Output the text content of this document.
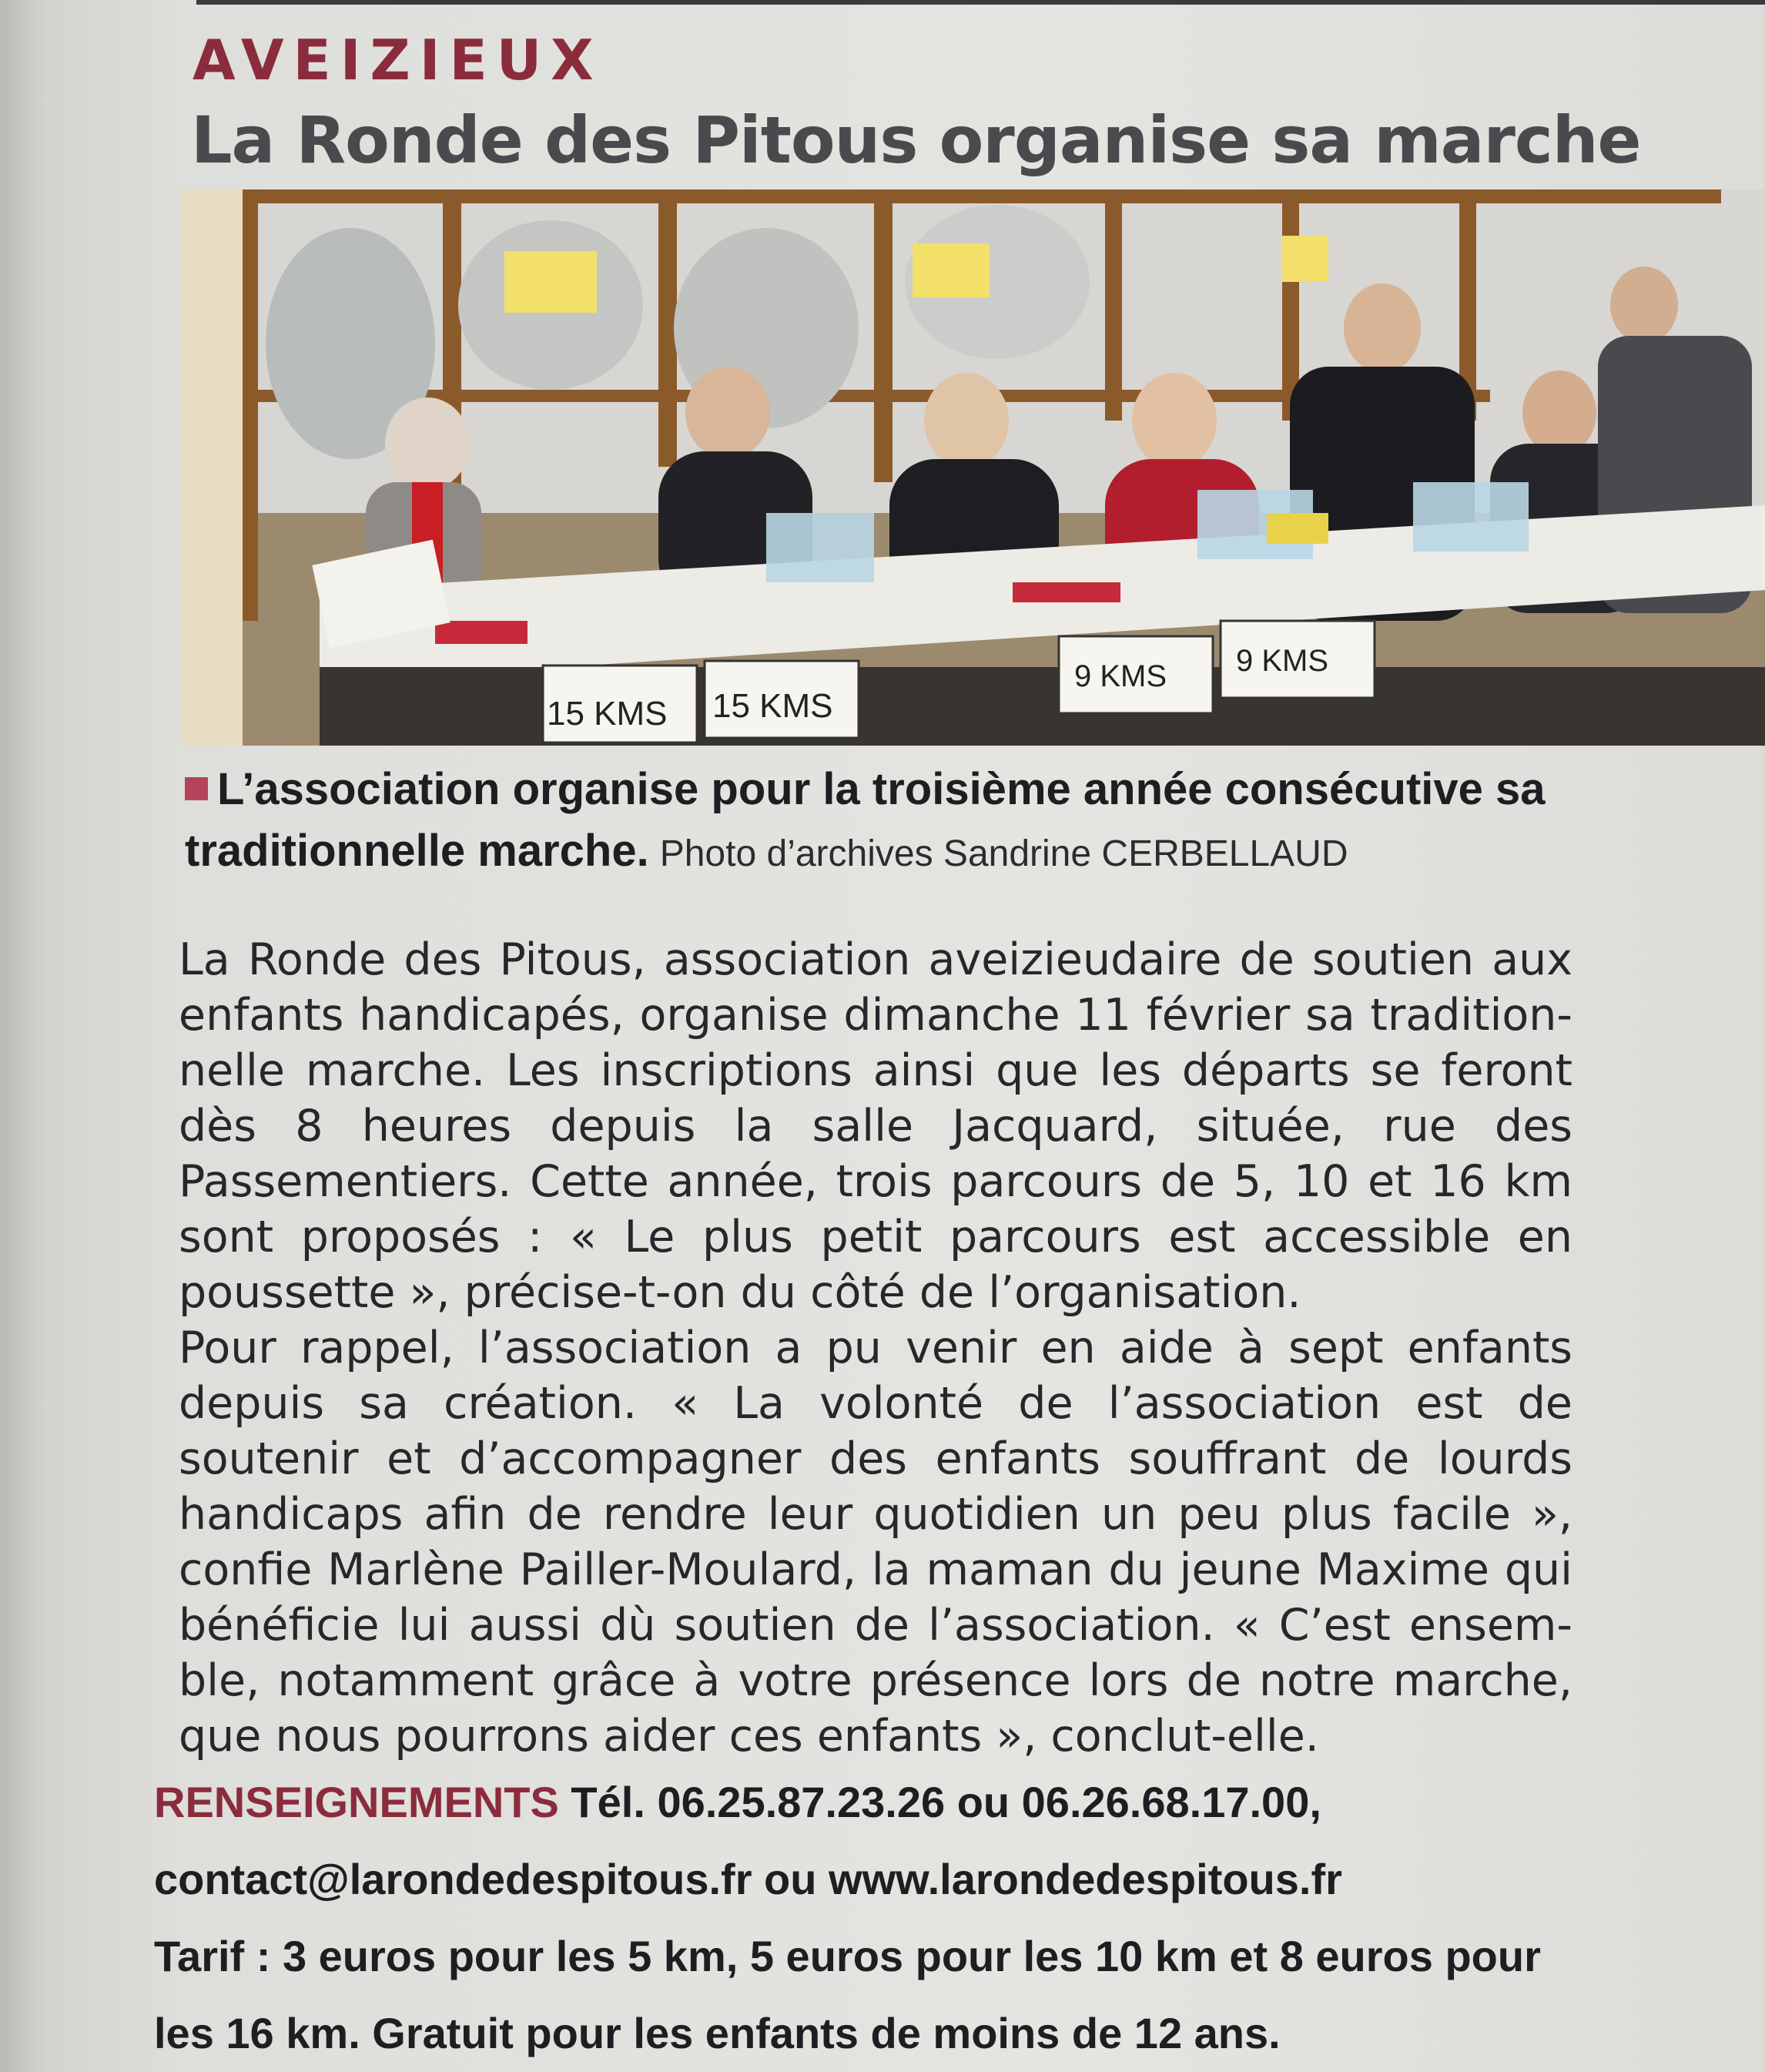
AVEIZIEUX
La Ronde des Pitous organise sa marche
15 KMS 15 KMS
9 KMS 9 KMS

L’association organise pour la troisième année consécutive sa traditionnelle marche. Photo d’archives Sandrine CERBELLAUD

La Ronde des Pitous, association aveizieudaire de soutien aux enfants handicapés, organise dimanche 11 février sa traditionnelle marche. Les inscriptions ainsi que les départs se feront dès 8 heures depuis la salle Jacquard, située, rue des Passementiers. Cette année, trois parcours de 5, 10 et 16 km sont proposés : « Le plus petit parcours est accessible en poussette », précise-t-on du côté de l’organisation.

Pour rappel, l’association a pu venir en aide à sept enfants depuis sa création. « La volonté de l’association est de soutenir et d’accompagner des enfants souffrant de lourds handicaps afin de rendre leur quotidien un peu plus facile », confie Marlène Pailler-Moulard, la maman du jeune Maxime qui bénéficie lui aussi dù soutien de l’association. « C’est ensemble, notamment grâce à votre présence lors de notre marche, que nous pourrons aider ces enfants », conclut-elle.

RENSEIGNEMENTS Tél. 06.25.87.23.26 ou 06.26.68.17.00,
contact@larondedespitous.fr ou www.larondedespitous.fr
Tarif : 3 euros pour les 5 km, 5 euros pour les 10 km et 8 euros pour
les 16 km. Gratuit pour les enfants de moins de 12 ans.
